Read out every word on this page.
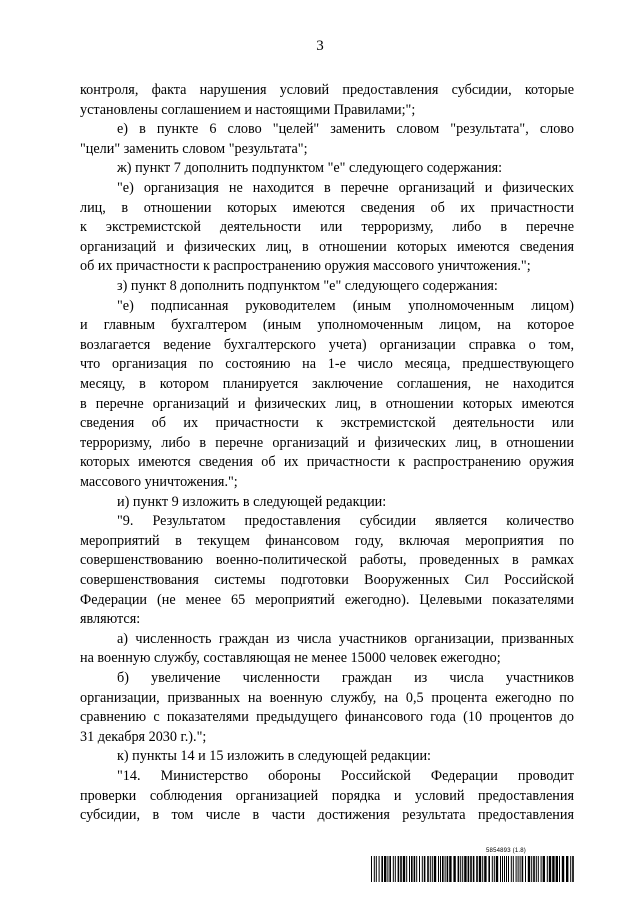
3
контроля, факта нарушения условий предоставления субсидии, которые
установлены соглашением и настоящими Правилами;";
е) в пункте 6 слово "целей" заменить словом "результата", слово
"цели" заменить словом "результата";
ж) пункт 7 дополнить подпунктом "е" следующего содержания:
"е) организация не находится в перечне организаций и физических
лиц, в отношении которых имеются сведения об их причастности
к экстремистской деятельности или терроризму, либо в перечне
организаций и физических лиц, в отношении которых имеются сведения
об их причастности к распространению оружия массового уничтожения.";
з) пункт 8 дополнить подпунктом "е" следующего содержания:
"е) подписанная руководителем (иным уполномоченным лицом)
и главным бухгалтером (иным уполномоченным лицом, на которое
возлагается ведение бухгалтерского учета) организации справка о том,
что организация по состоянию на 1-е число месяца, предшествующего
месяцу, в котором планируется заключение соглашения, не находится
в перечне организаций и физических лиц, в отношении которых имеются
сведения об их причастности к экстремистской деятельности или
терроризму, либо в перечне организаций и физических лиц, в отношении
которых имеются сведения об их причастности к распространению оружия
массового уничтожения.";
и) пункт 9 изложить в следующей редакции:
"9. Результатом предоставления субсидии является количество
мероприятий в текущем финансовом году, включая мероприятия по
совершенствованию военно-политической работы, проведенных в рамках
совершенствования системы подготовки Вооруженных Сил Российской
Федерации (не менее 65 мероприятий ежегодно). Целевыми показателями
являются:
а) численность граждан из числа участников организации, призванных
на военную службу, составляющая не менее 15000 человек ежегодно;
б) увеличение численности граждан из числа участников
организации, призванных на военную службу, на 0,5 процента ежегодно по
сравнению с показателями предыдущего финансового года (10 процентов до
31 декабря 2030 г.).";
к) пункты 14 и 15 изложить в следующей редакции:
"14. Министерство обороны Российской Федерации проводит
проверки соблюдения организацией порядка и условий предоставления
субсидии, в том числе в части достижения результата предоставления
5854893 (1.8)
